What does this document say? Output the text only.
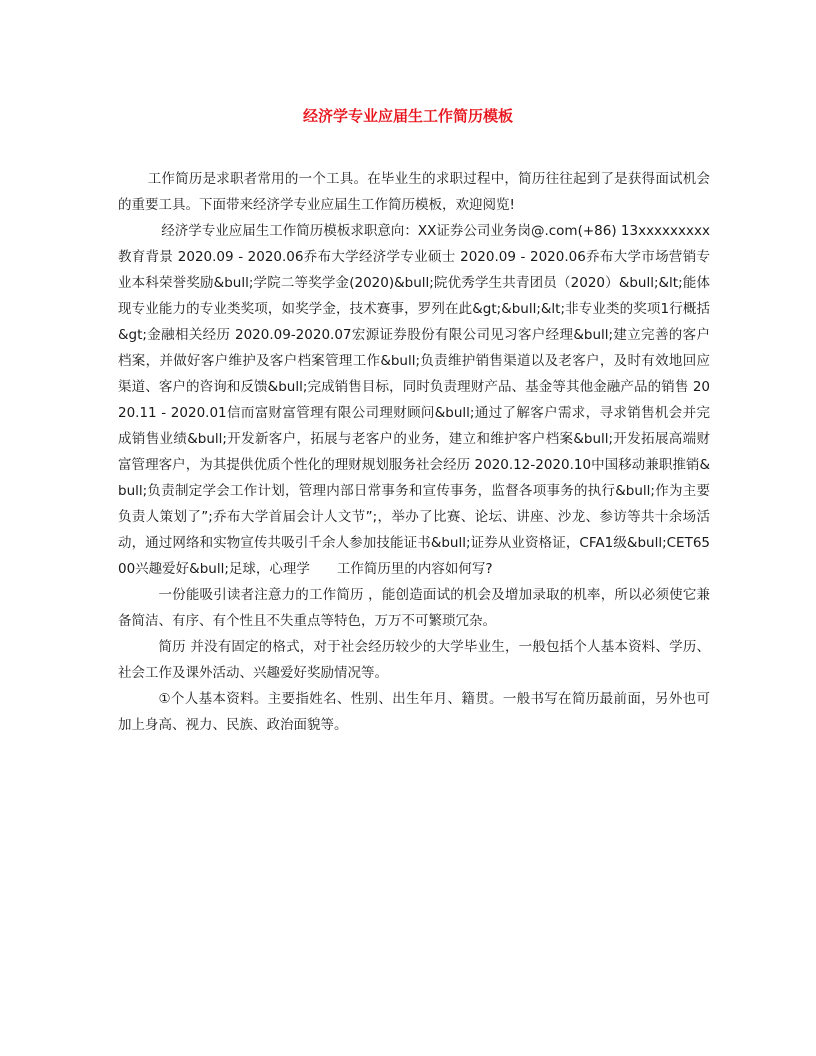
经济学专业应届生工作简历模板

工作简历是求职者常用的一个工具。在毕业生的求职过程中，简历往往起到了是获得面试机会的重要工具。下面带来经济学专业应届生工作简历模板，欢迎阅览!

经济学专业应届生工作简历模板求职意向：XX证券公司业务岗@.com(+86) 13xxxxxxxxx教育背景 2020.09 - 2020.06乔布大学经济学专业硕士 2020.09 - 2020.06乔布大学市场营销专业本科荣誉奖励&bull;学院二等奖学金(2020)&bull;院优秀学生共青团员（2020）&bull;&lt;能体现专业能力的专业类奖项，如奖学金，技术赛事，罗列在此&gt;&bull;&lt;非专业类的奖项1行概括&gt;金融相关经历 2020.09-2020.07宏源证券股份有限公司见习客户经理&bull;建立完善的客户档案，并做好客户维护及客户档案管理工作&bull;负责维护销售渠道以及老客户，及时有效地回应渠道、客户的咨询和反馈&bull;完成销售目标，同时负责理财产品、基金等其他金融产品的销售 2020.11 - 2020.01信而富财富管理有限公司理财顾问&bull;通过了解客户需求，寻求销售机会并完成销售业绩&bull;开发新客户，拓展与老客户的业务，建立和维护客户档案&bull;开发拓展高端财富管理客户，为其提供优质个性化的理财规划服务社会经历 2020.12-2020.10中国移动兼职推销&bull;负责制定学会工作计划，管理内部日常事务和宣传事务，监督各项事务的执行&bull;作为主要负责人策划了”;乔布大学首届会计人文节”;，举办了比赛、论坛、讲座、沙龙、参访等共十余场活动，通过网络和实物宣传共吸引千余人参加技能证书&bull;证券从业资格证，CFA1级&bull;CET6500兴趣爱好&bull;足球，心理学　　工作简历里的内容如何写?

一份能吸引读者注意力的工作简历 ，能创造面试的机会及增加录取的机率，所以必须使它兼备简洁、有序、有个性且不失重点等特色，万万不可繁琐冗杂。

简历 并没有固定的格式，对于社会经历较少的大学毕业生，一般包括个人基本资料、学历、社会工作及课外活动、兴趣爱好奖励情况等。

①个人基本资料。主要指姓名、性别、出生年月、籍贯。一般书写在简历最前面，另外也可加上身高、视力、民族、政治面貌等。
